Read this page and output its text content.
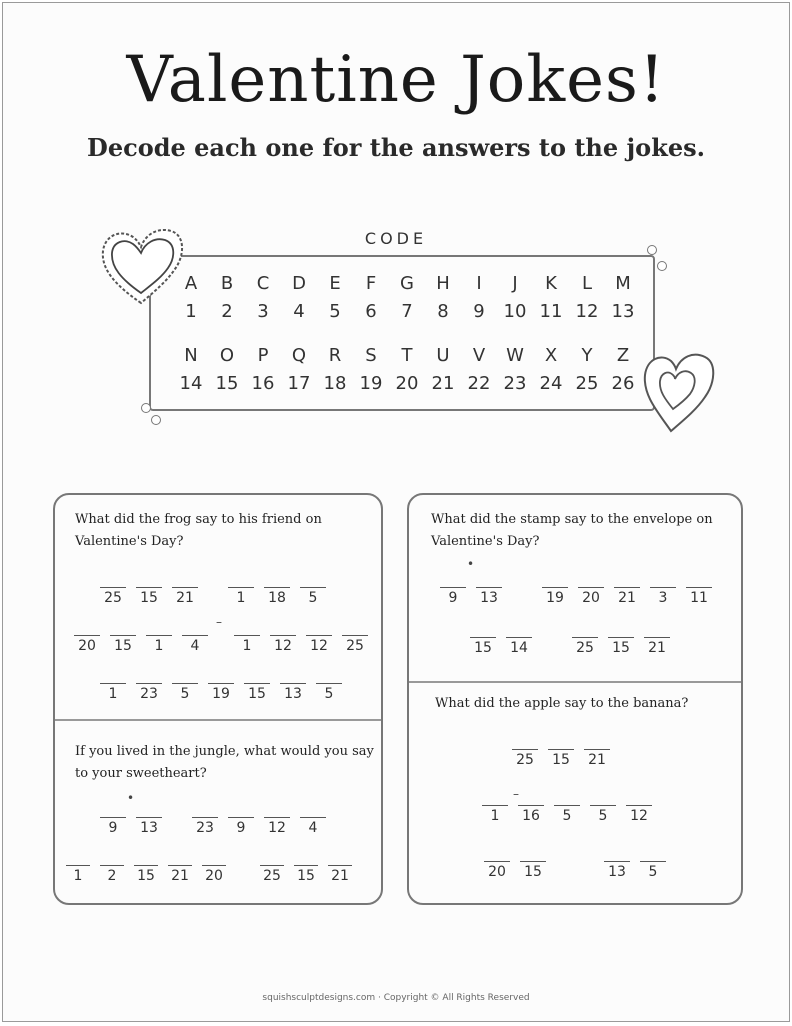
Valentine Jokes!
Decode each one for the answers to the jokes.
CODE
A	B	C	D	E	F	G	H	I	J	K	L	M
1	2	3	4	5	6	7	8	9	10 11 12 13
N	O	P	Q	R	S	T	U	V	W	X	Y	Z
14 15 16 17 18 19 20 21 22 23 24 25 26
What did the frog say to his friend on Valentine's Day?
25	15	21	1	18	5
–
20	15	1	4	1	12	12	25
1	23	5	19	15	13	5
If you lived in the jungle, what would you say to your sweetheart?
•
9	13	23	9	12	4
1	2	15	21	20	25	15	21
What did the stamp say to the envelope on Valentine's Day?
•
9	13	19	20	21	3	11
15	14	25	15	21
What did the apple say to the banana?
25	15	21
–
1	16	5	5	12
20	15	13	5
squishsculptdesigns.com · Copyright © All Rights Reserved
